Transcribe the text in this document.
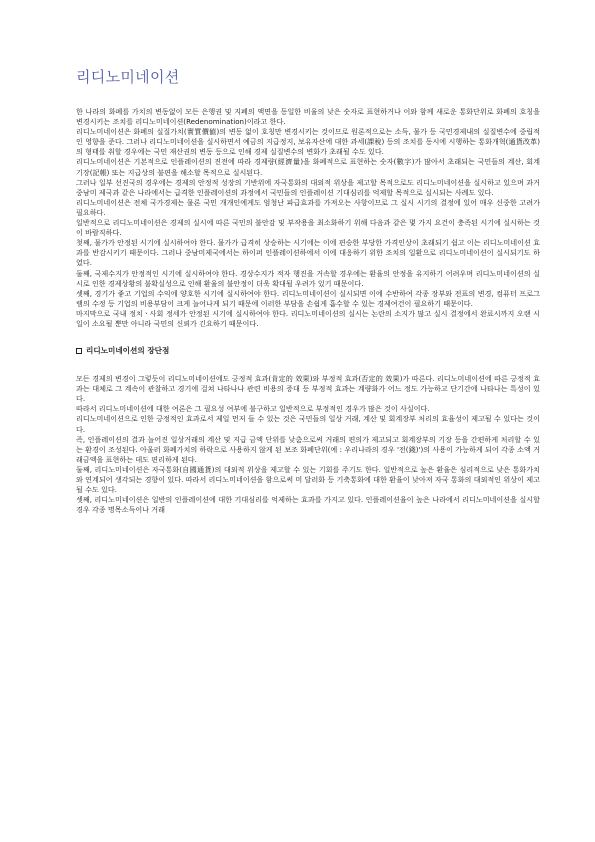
리디노미네이션

한 나라의 화폐를 가치의 변동없이 모든 은행권 및 지폐의 액면을 동일한 비율의 낮은 숫자로 표현하거나 이와 함께 새로운 통화단위로 화폐의 호칭을 변경시키는 조치를 리디노미네이션(Redenomination)이라고 한다.

리디노미네이션은 화폐의 실질가치(實質價値)의 변동 없이 호칭만 변경시키는 것이므로 원론적으로는 소득, 물가 등 국민경제내의 실질변수에 중립적인 영향을 준다. 그러나 리디노미네이션을 실시하면서 예금의 지급정지, 보유자산에 대한 과세(課稅) 등의 조치를 동시에 시행하는 통화개혁(通貨改革)의 형태를 취할 경우에는 국민 재산권의 변동 등으로 인해 경제 실질변수의 변화가 초래될 수도 있다.

리디노미네이션은 기본적으로 인플레이션의 진전에 따라 경제량(經濟量)을 화폐적으로 표현하는 숫자(數字)가 많아서 초래되는 국민들의 계산, 회계 기장(記帳) 또는 지급상의 불편을 해소할 목적으로 실시된다.

그러나 일부 선진국의 경우에는 경제의 안정적 성장의 기반위에 자국통화의 대외적 위상을 제고할 목적으로도 리디노미네이션을 실시하고 있으며 과거 중남미 제국과 같은 나라에서는 급격한 인플레이션의 과정에서 국민들의 인플레이션 기대심리를 억제할 목적으로 실시되는 사례도 있다.

리디노미네이션은 전체 국가경제는 물론 국민 개개인에게도 엄청난 파급효과를 가져오는 사항이므로 그 실시 시기의 결정에 있어 매우 신중한 고려가 필요하다.

일반적으로 리디노미네이션은 경제의 실시에 따른 국민의 불안감 및 부작용을 최소화하기 위해 다음과 같은 몇 가지 요건이 충족된 시기에 실시하는 것이 바람직하다.

첫째, 물가가 안정된 시기에 실시하여야 한다. 물가가 급격히 상승하는 시기에는 이에 편승한 부당한 가격인상이 초래되기 쉽고 이는 리디노미네이션 효과를 반감시키기 때문이다. 그러나 중남미제국에서는 하이퍼 인플레이션하에서 이에 대응하기 위한 조치의 일환으로 리디노미네이션이 실시되기도 하였다.

둘째, 국제수지가 안정적인 시기에 실시하여야 한다. 경상수지가 적자 행진을 거속할 경우에는 환율의 안정을 유지하기 어려우며 리디노미네이션의 실시로 인한 경제상황의 불확실성으로 인해 환율의 불안정이 더욱 확대될 우려가 있기 때문이다.

셋째, 경기가 좋고 기업의 수익에 양호한 시기에 실시하여야 한다. 리디노미네이션이 실시되면 이에 수반하여 각종 장부와 전표의 변경, 컴퓨터 프로그램의 수정 등 기업의 비용부담이 크게 늘어나게 되기 때문에 이러한 부담을 손쉽게 흡수할 수 있는 경제여건이 필요하기 때문이다.

마지막으로 국내 정치ㆍ사회 정세가 안정된 시기에 실시하여야 한다. 리디노미네이션의 실시는 논란의 소지가 많고 실시 결정에서 완료시까지 오랜 시일이 소요될 뿐만 아니라 국민의 신뢰가 긴요하기 때문이다.

리디노미네이션의 장단점

모든 경제의 변경이 그렇듯이 리디노미네이션에도 긍정적 효과(肯定的 效果)와 부정적 효과(否定的 效果)가 따른다. 리디노미네이션에 따른 긍정적 효과는 대체로 그 계속이 관찰하고 경기에 걸쳐 나타나나 관련 비용의 증대 등 부정적 효과는 계량화가 어느 정도 가능하고 단기간에 나타나는 특성이 있다.

따라서 리디노미네이션에 대한 여론은 그 필요성 여부에 불구하고 일반적으로 부정적인 경우가 많은 것이 사실이다.

리디노미네이션으로 인한 긍정적인 효과로서 제일 먼저 들 수 있는 것은 국민들의 일상 거래, 계산 및 회계장부 처리의 효율성이 제고될 수 있다는 것이다.

즉, 인플레이션의 결과 늘어진 일상거래의 계산 및 지급 금액 단위를 낮춤으로써 거래의 편의가 제고되고 회계장부의 기장 등을 간편하게 처리할 수 있는 환경이 조성된다. 아울러 화폐가치의 하락으로 사용하지 않게 된 보조 화폐단위(예 : 우리나라의 경우 '전(錢)')의 사용이 가능하게 되어 각종 소액 거래금액을 표현하는 데도 편리하게 된다.

둘째, 리디노미네이션은 자국통화(自國通貨)의 대외적 위상을 제고할 수 있는 기회를 주기도 한다. 일반적으로 높은 환율은 심리적으로 낮은 통화가치와 연계되어 생각되는 경향이 있다. 따라서 리디노미네이션을 함으로써 미 달러화 등 기축통화에 대한 환율이 낮아져 자국 통화의 대외적인 위상이 제고될 수도 있다.

셋째, 리디노미네이션은 일반의 인플레이션에 대한 기대심리를 억제하는 효과를 가지고 있다. 인플레이션율이 높은 나라에서 리디노미네이션을 실시할 경우 각종 명목소득이나 거래
